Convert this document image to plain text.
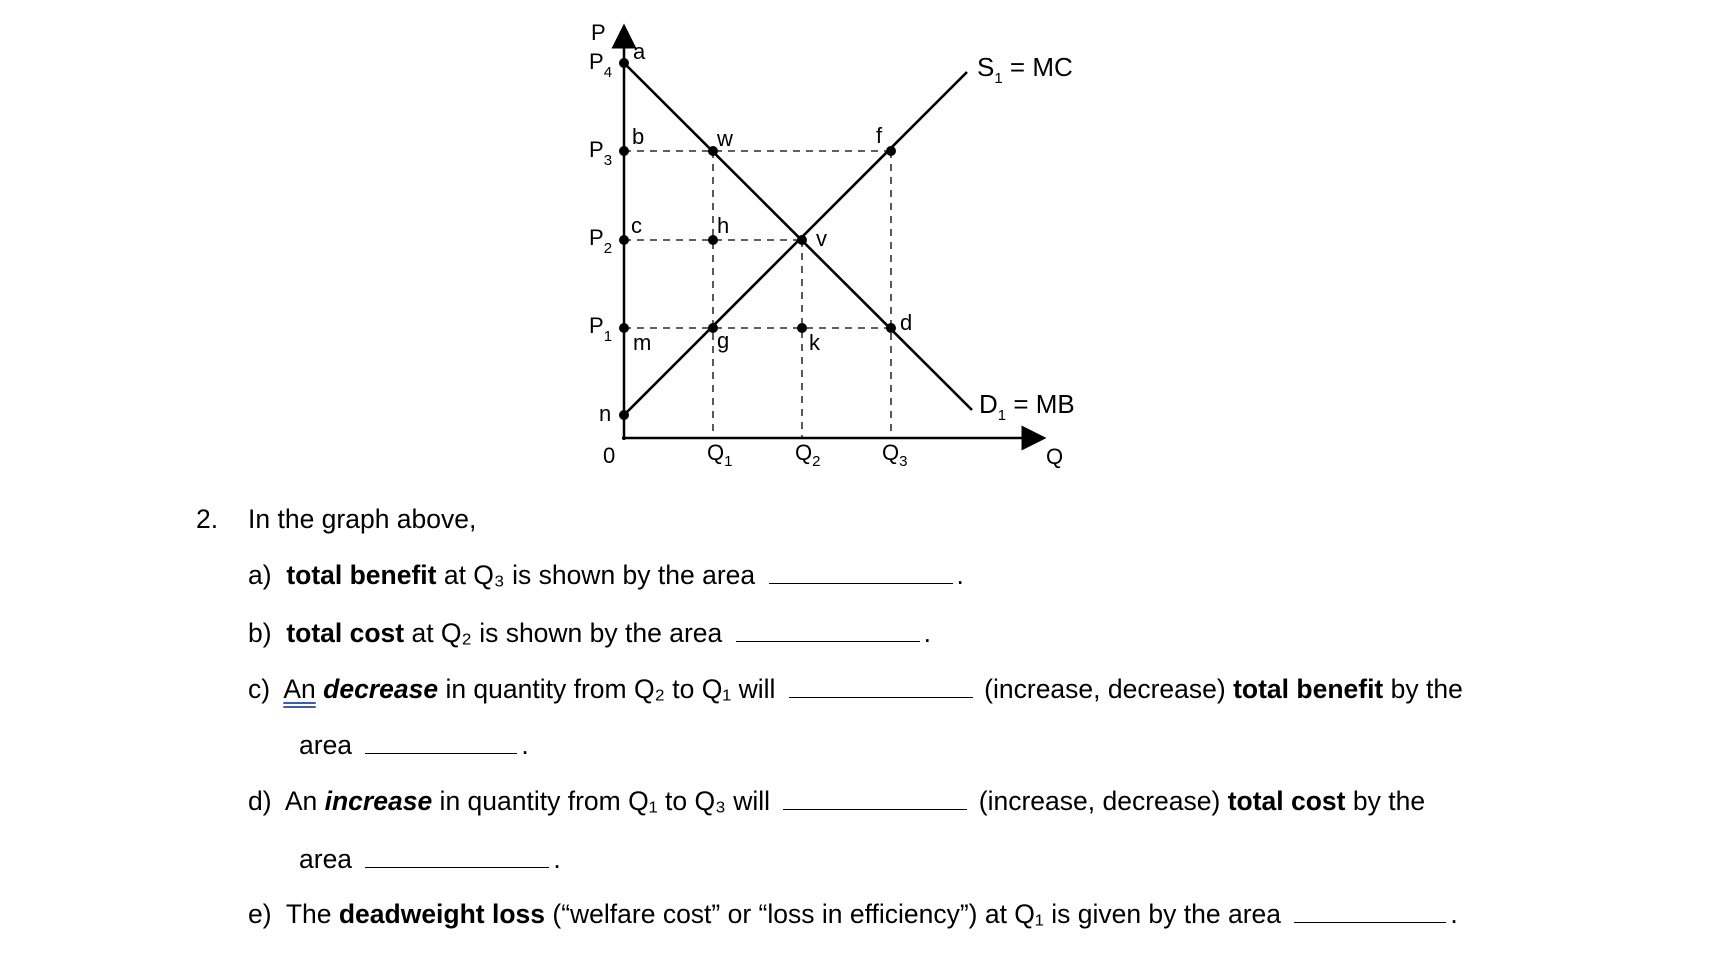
P
Q
0
P4
P3
P2
P1
Q1	Q2	Q3
a
b
c
m
n
w	f
h
v
g	k
d
S1 = MC
D1 = MB
2. In the graph above,
a) total benefit at Q₃ is shown by the area	.
b) total cost at Q₂ is shown by the area	.
c) An decrease in quantity from Q₂ to Q₁ will	(increase, decrease) total benefit by the
area	.
d) An increase in quantity from Q₁ to Q₃ will	(increase, decrease) total cost by the
area	.
e) The deadweight loss (“welfare cost” or “loss in efficiency”) at Q₁ is given by the area	.
